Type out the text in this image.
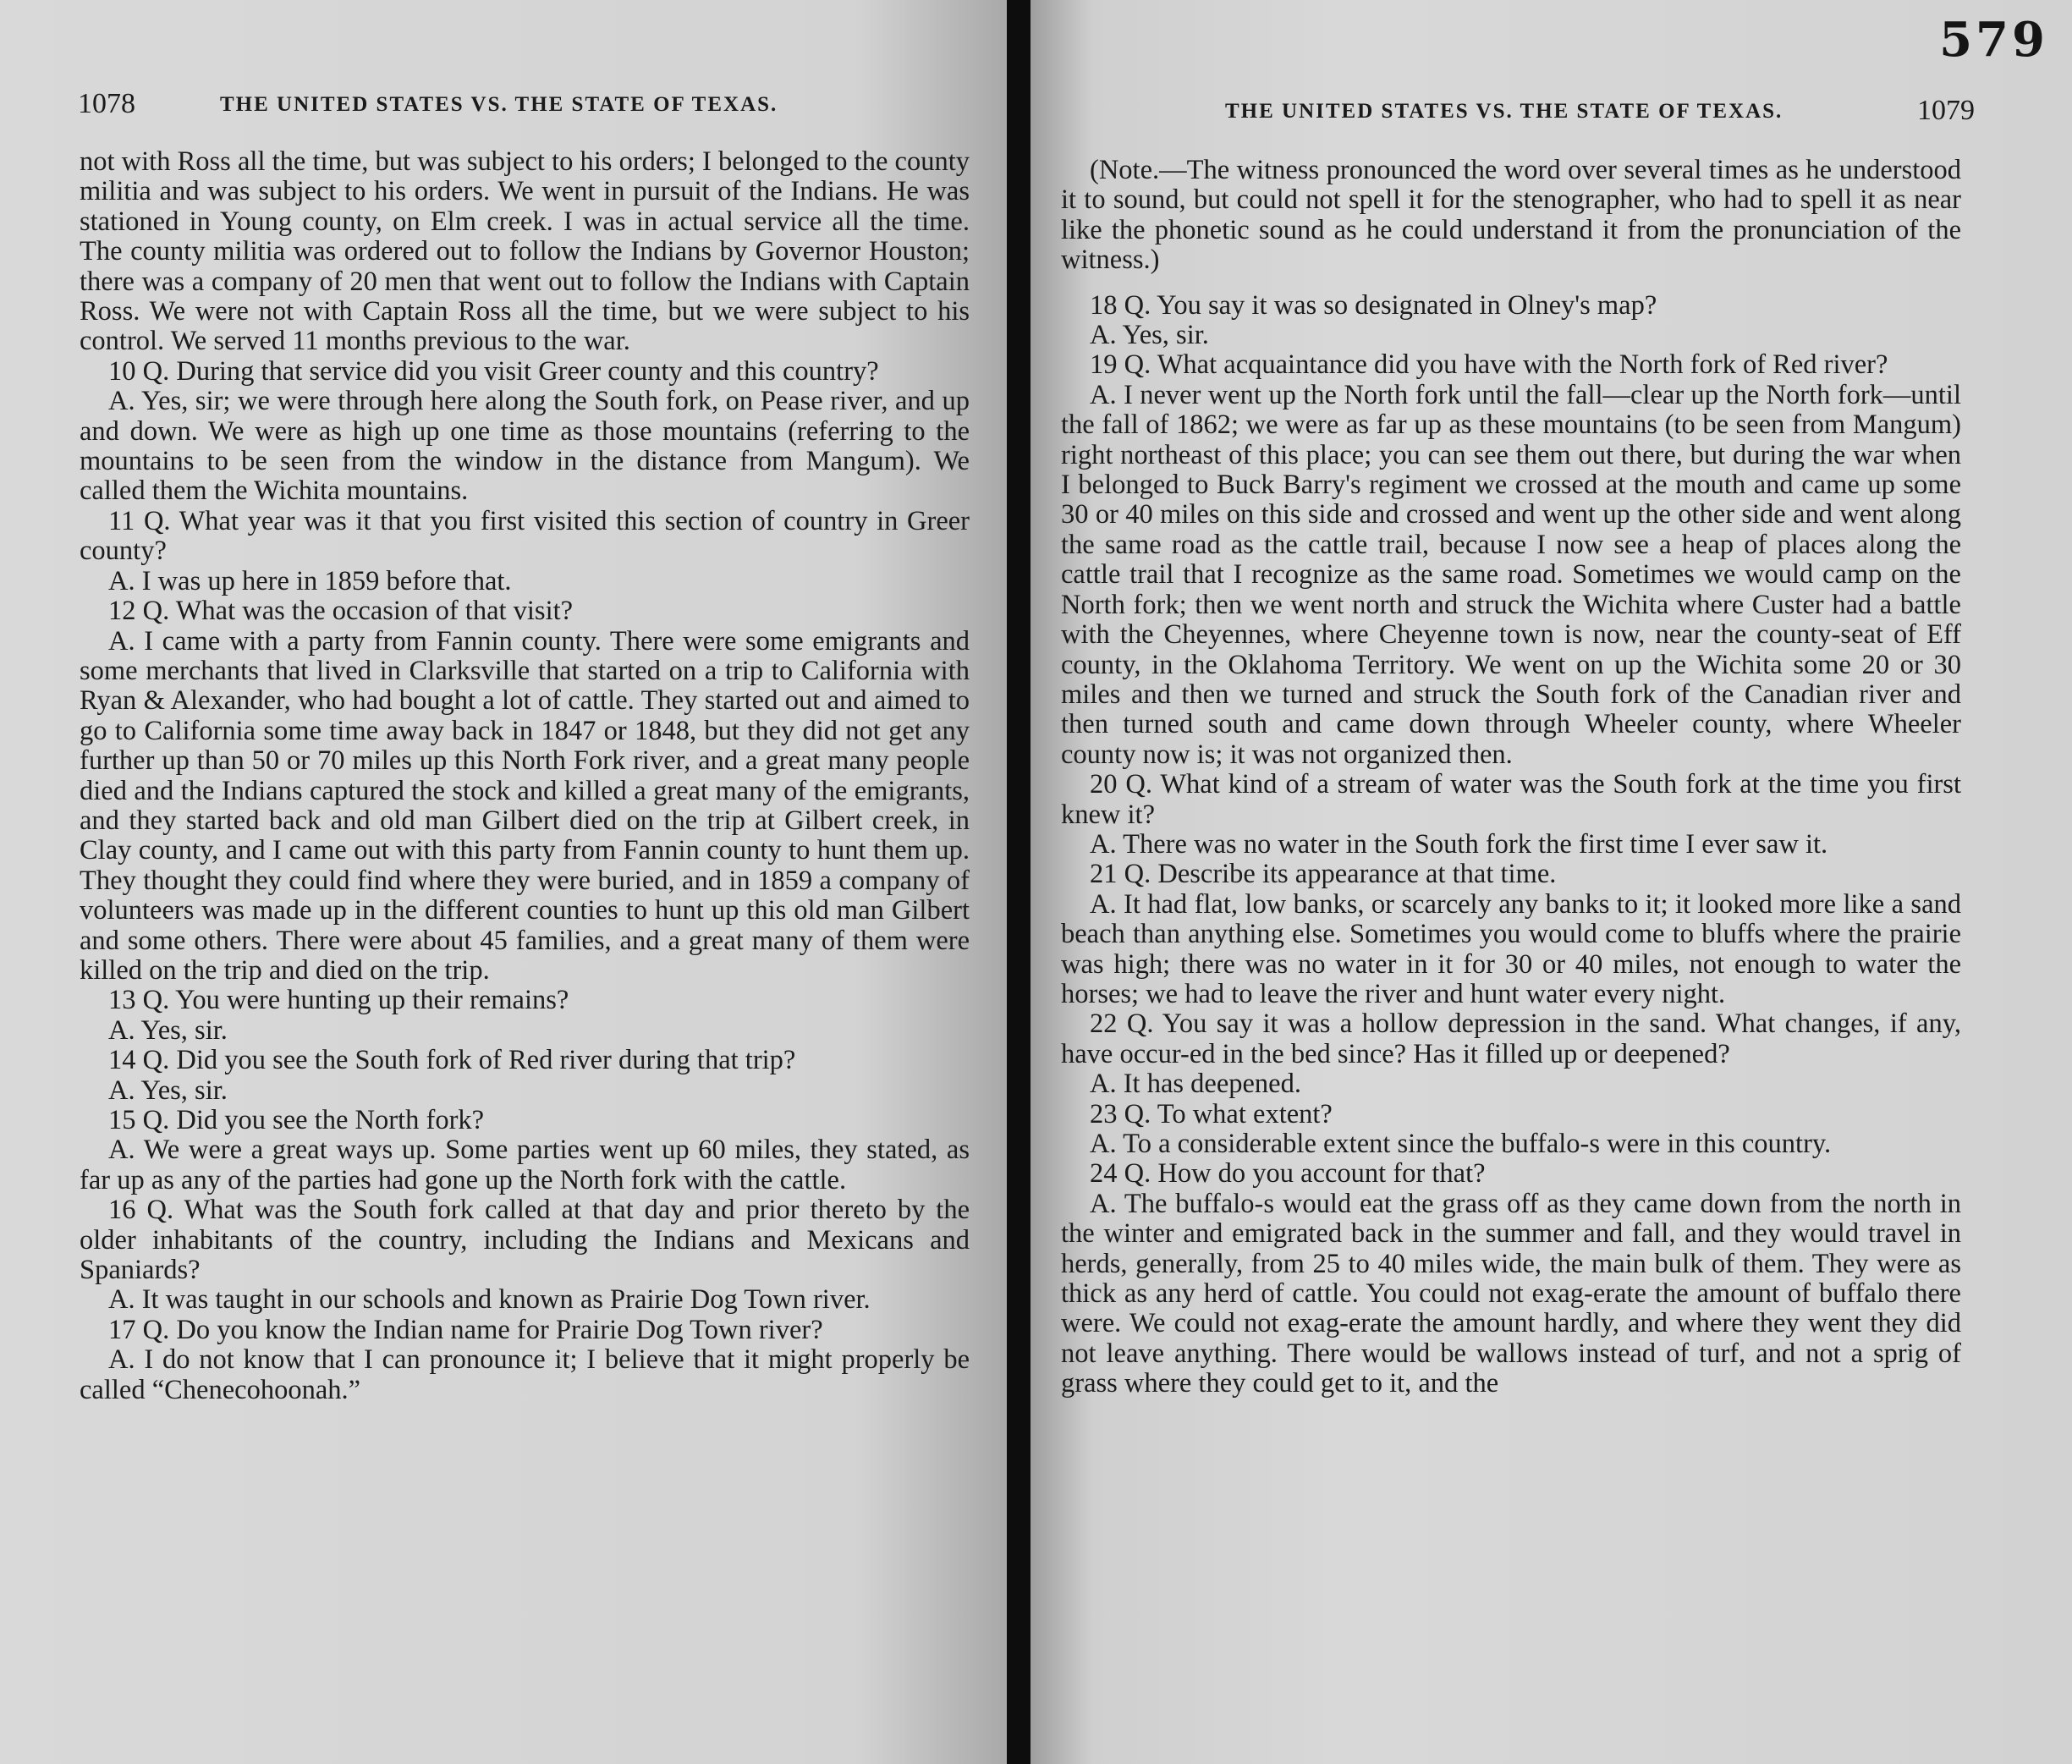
1078	THE UNITED STATES VS. THE STATE OF TEXAS.

not with Ross all the time, but was subject to his orders; I belonged to the county militia and was subject to his orders. We went in pursuit of the Indians. He was stationed in Young county, on Elm creek. I was in actual service all the time. The county militia was ordered out to follow the Indians by Governor Houston; there was a company of 20 men that went out to follow the Indians with Captain Ross. We were not with Captain Ross all the time, but we were subject to his control. We served 11 months previous to the war.

10 Q. During that service did you visit Greer county and this country?

A. Yes, sir; we were through here along the South fork, on Pease river, and up and down. We were as high up one time as those mountains (referring to the mountains to be seen from the window in the distance from Mangum). We called them the Wichita mountains.

11 Q. What year was it that you first visited this section of country in Greer county?

A. I was up here in 1859 before that.

12 Q. What was the occasion of that visit?

A. I came with a party from Fannin county. There were some emigrants and some merchants that lived in Clarksville that started on a trip to California with Ryan & Alexander, who had bought a lot of cattle. They started out and aimed to go to California some time away back in 1847 or 1848, but they did not get any further up than 50 or 70 miles up this North Fork river, and a great many people died and the Indians captured the stock and killed a great many of the emigrants, and they started back and old man Gilbert died on the trip at Gilbert creek, in Clay county, and I came out with this party from Fannin county to hunt them up. They thought they could find where they were buried, and in 1859 a company of volunteers was made up in the different counties to hunt up this old man Gilbert and some others. There were about 45 families, and a great many of them were killed on the trip and died on the trip.

13 Q. You were hunting up their remains?

A. Yes, sir.

14 Q. Did you see the South fork of Red river during that trip?

A. Yes, sir.

15 Q. Did you see the North fork?

A. We were a great ways up. Some parties went up 60 miles, they stated, as far up as any of the parties had gone up the North fork with the cattle.

16 Q. What was the South fork called at that day and prior thereto by the older inhabitants of the country, including the Indians and Mexicans and Spaniards?

A. It was taught in our schools and known as Prairie Dog Town river.

17 Q. Do you know the Indian name for Prairie Dog Town river?

A. I do not know that I can pronounce it; I believe that it might properly be called “Chenecohoonah.”

579
THE UNITED STATES VS. THE STATE OF TEXAS.	1079

(Note.—The witness pronounced the word over several times as he understood it to sound, but could not spell it for the stenographer, who had to spell it as near like the phonetic sound as he could understand it from the pronunciation of the witness.)

18 Q. You say it was so designated in Olney's map?

A. Yes, sir.

19 Q. What acquaintance did you have with the North fork of Red river?

A. I never went up the North fork until the fall—clear up the North fork—until the fall of 1862; we were as far up as these mountains (to be seen from Mangum) right northeast of this place; you can see them out there, but during the war when I belonged to Buck Barry's regiment we crossed at the mouth and came up some 30 or 40 miles on this side and crossed and went up the other side and went along the same road as the cattle trail, because I now see a heap of places along the cattle trail that I recognize as the same road. Sometimes we would camp on the North fork; then we went north and struck the Wichita where Custer had a battle with the Cheyennes, where Cheyenne town is now, near the county-seat of Eff county, in the Oklahoma Territory. We went on up the Wichita some 20 or 30 miles and then we turned and struck the South fork of the Canadian river and then turned south and came down through Wheeler county, where Wheeler county now is; it was not organized then.

20 Q. What kind of a stream of water was the South fork at the time you first knew it?

A. There was no water in the South fork the first time I ever saw it.

21 Q. Describe its appearance at that time.

A. It had flat, low banks, or scarcely any banks to it; it looked more like a sand beach than anything else. Sometimes you would come to bluffs where the prairie was high; there was no water in it for 30 or 40 miles, not enough to water the horses; we had to leave the river and hunt water every night.

22 Q. You say it was a hollow depression in the sand. What changes, if any, have occur-ed in the bed since? Has it filled up or deepened?

A. It has deepened.

23 Q. To what extent?

A. To a considerable extent since the buffalo-s were in this country.

24 Q. How do you account for that?

A. The buffalo-s would eat the grass off as they came down from the north in the winter and emigrated back in the summer and fall, and they would travel in herds, generally, from 25 to 40 miles wide, the main bulk of them. They were as thick as any herd of cattle. You could not exag-erate the amount of buffalo there were. We could not exag-erate the amount hardly, and where they went they did not leave anything. There would be wallows instead of turf, and not a sprig of grass where they could get to it, and the
